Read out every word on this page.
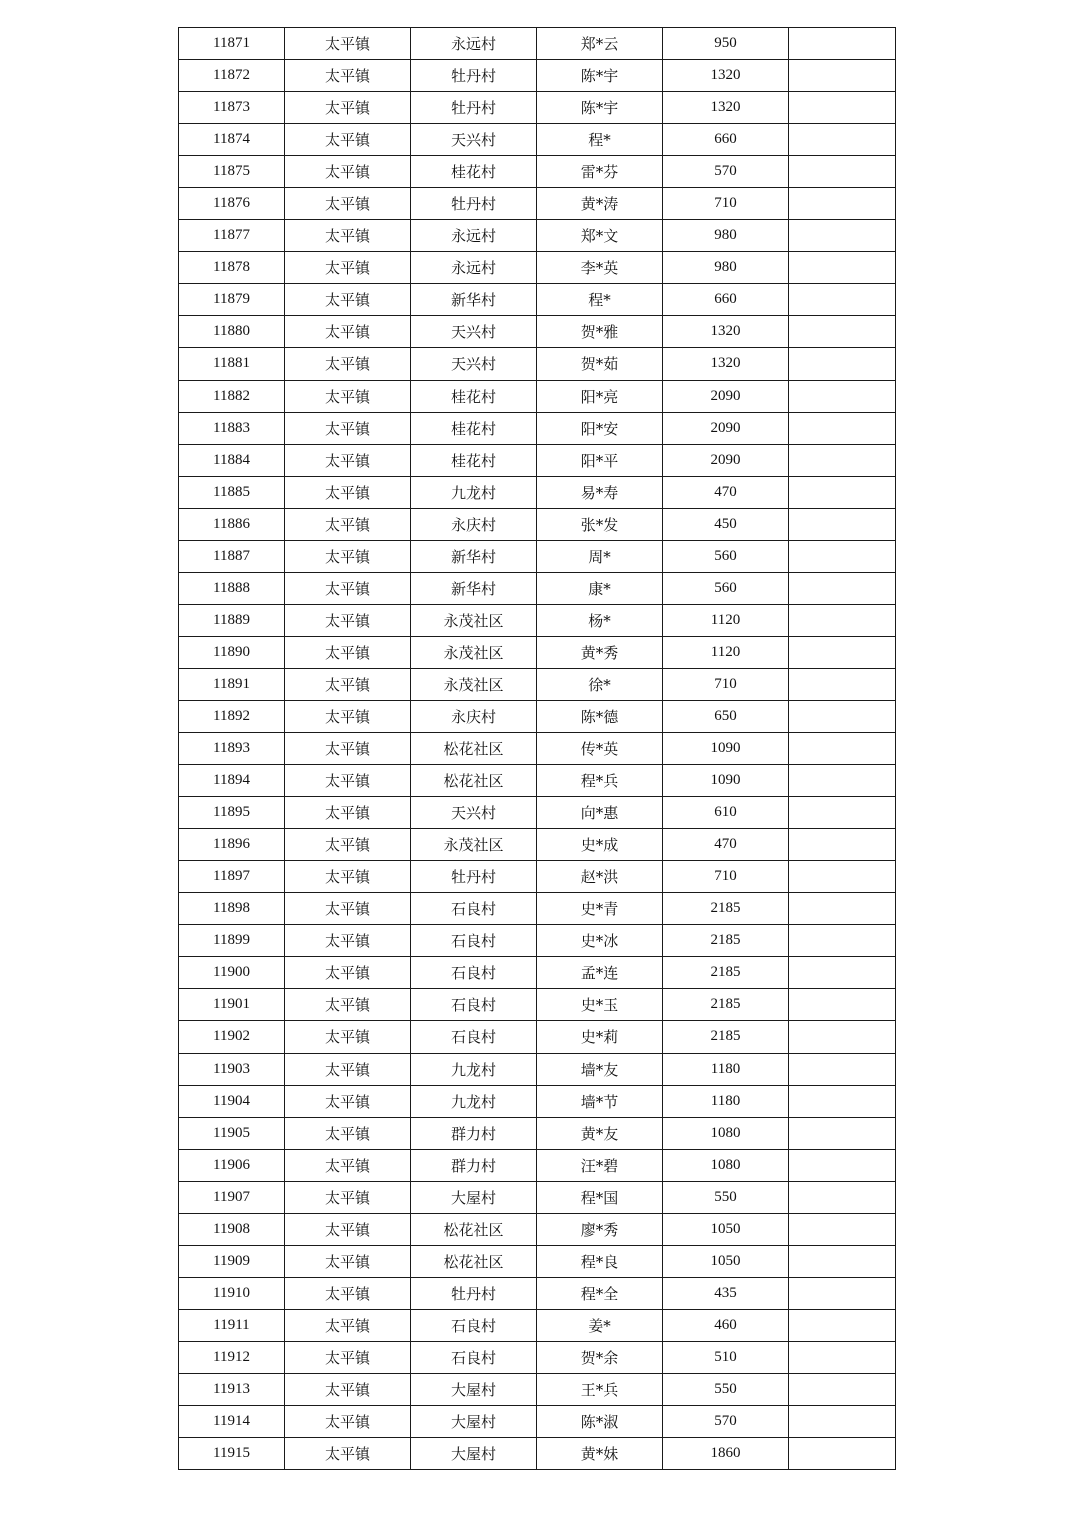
11871	太平镇	永远村	郑*云	950	
11872	太平镇	牡丹村	陈*宇	1320	
11873	太平镇	牡丹村	陈*宇	1320	
11874	太平镇	天兴村	程*	660	
11875	太平镇	桂花村	雷*芬	570	
11876	太平镇	牡丹村	黄*涛	710	
11877	太平镇	永远村	郑*文	980	
11878	太平镇	永远村	李*英	980	
11879	太平镇	新华村	程*	660	
11880	太平镇	天兴村	贺*雅	1320	
11881	太平镇	天兴村	贺*茹	1320	
11882	太平镇	桂花村	阳*亮	2090	
11883	太平镇	桂花村	阳*安	2090	
11884	太平镇	桂花村	阳*平	2090	
11885	太平镇	九龙村	易*寿	470	
11886	太平镇	永庆村	张*发	450	
11887	太平镇	新华村	周*	560	
11888	太平镇	新华村	康*	560	
11889	太平镇	永茂社区	杨*	1120	
11890	太平镇	永茂社区	黄*秀	1120	
11891	太平镇	永茂社区	徐*	710	
11892	太平镇	永庆村	陈*德	650	
11893	太平镇	松花社区	传*英	1090	
11894	太平镇	松花社区	程*兵	1090	
11895	太平镇	天兴村	向*惠	610	
11896	太平镇	永茂社区	史*成	470	
11897	太平镇	牡丹村	赵*洪	710	
11898	太平镇	石良村	史*青	2185	
11899	太平镇	石良村	史*冰	2185	
11900	太平镇	石良村	孟*连	2185	
11901	太平镇	石良村	史*玉	2185	
11902	太平镇	石良村	史*莉	2185	
11903	太平镇	九龙村	墙*友	1180	
11904	太平镇	九龙村	墙*节	1180	
11905	太平镇	群力村	黄*友	1080	
11906	太平镇	群力村	汪*碧	1080	
11907	太平镇	大屋村	程*国	550	
11908	太平镇	松花社区	廖*秀	1050	
11909	太平镇	松花社区	程*良	1050	
11910	太平镇	牡丹村	程*全	435	
11911	太平镇	石良村	姜*	460	
11912	太平镇	石良村	贺*余	510	
11913	太平镇	大屋村	王*兵	550	
11914	太平镇	大屋村	陈*淑	570	
11915	太平镇	大屋村	黄*妹	1860	
